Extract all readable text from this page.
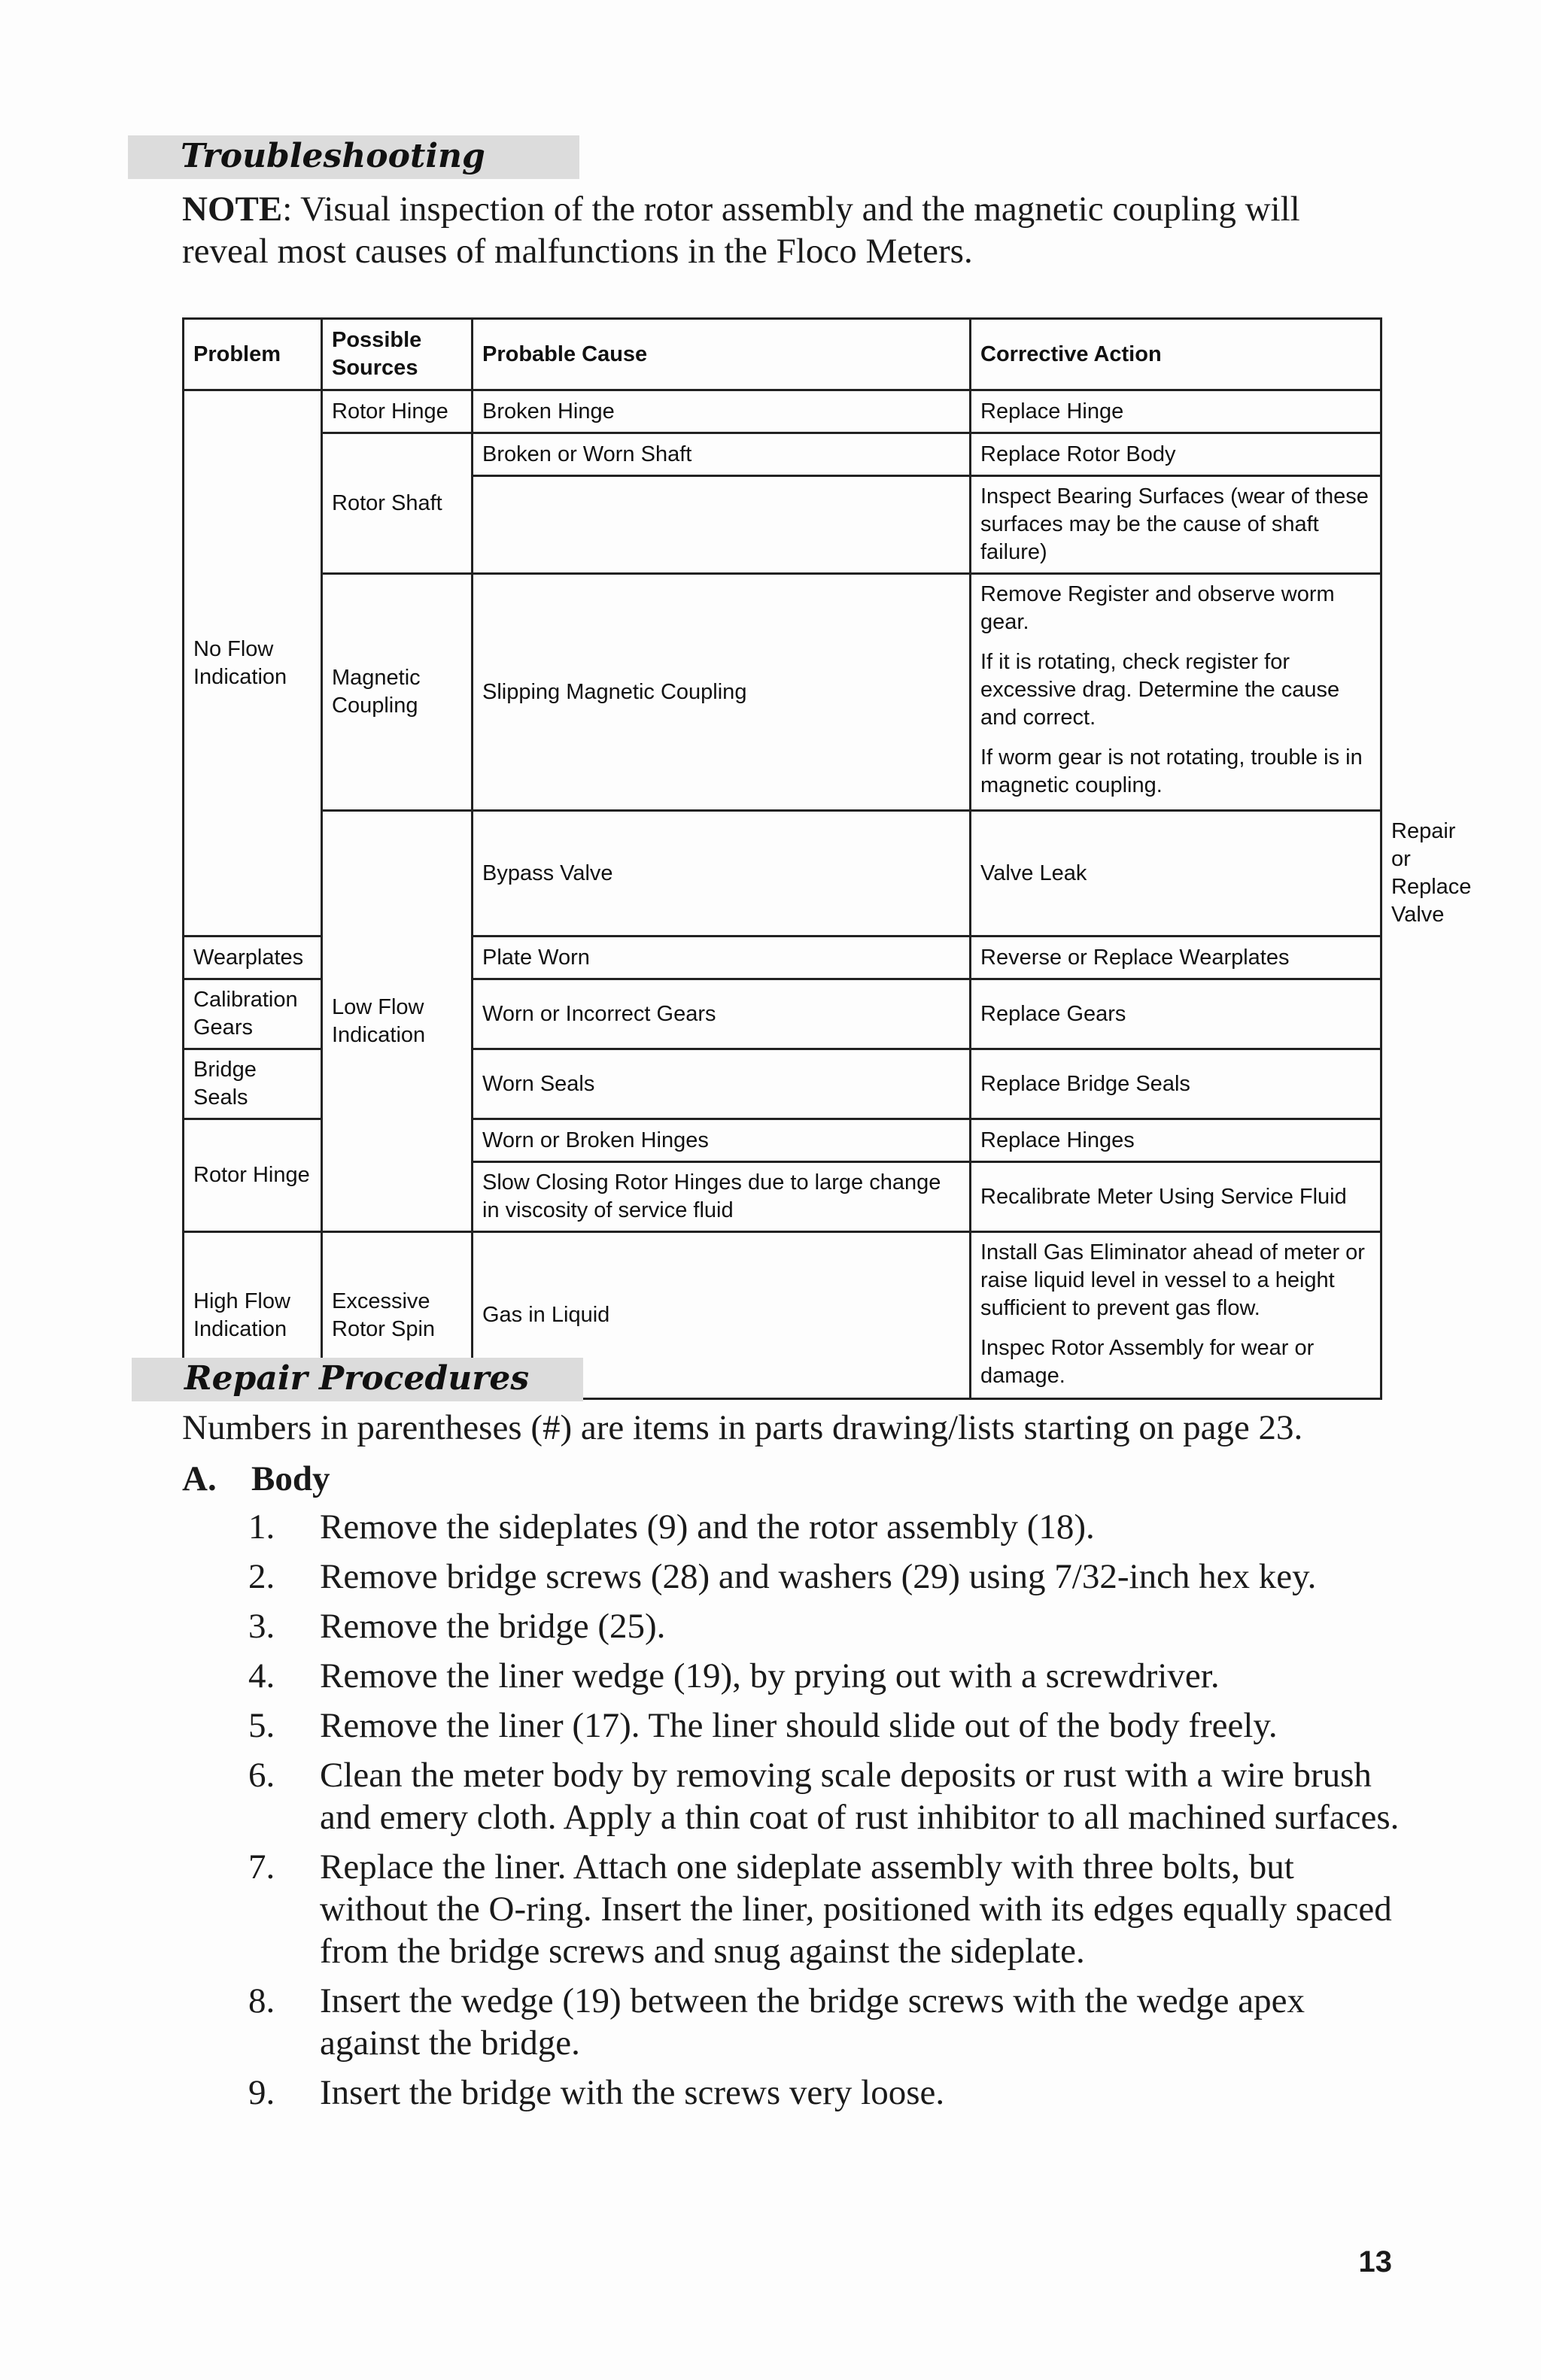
Troubleshooting
NOTE: Visual inspection of the rotor assembly and the magnetic coupling will reveal most causes of malfunctions in the Floco Meters.
Problem	Possible Sources	Probable Cause	Corrective Action	
No Flow Indication	Rotor Hinge	Broken Hinge	Replace Hinge	
	Rotor Shaft	Broken or Worn Shaft	Replace Rotor Body	
			Inspect Bearing Surfaces (wear of these surfaces may be the cause of shaft failure)	
	Magnetic Coupling	Slipping Magnetic Coupling	Remove Register and observe worm gear.

If it is rotating, check register for excessive drag. Determine the cause and correct.

If worm gear is not rotating, trouble is in magnetic coupling.	

	Low Flow Indication	Bypass Valve	Valve Leak	Repair or Replace Valve
Wearplates		Plate Worn	Reverse or Replace Wearplates	
Calibration Gears		Worn or Incorrect Gears	Replace Gears	
Bridge Seals		Worn Seals	Replace Bridge Seals	
Rotor Hinge		Worn or Broken Hinges	Replace Hinges	
		Slow Closing Rotor Hinges due to large change in viscosity of service fluid	Recalibrate Meter Using Service Fluid	
High Flow Indication	Excessive Rotor Spin	Gas in Liquid	Install Gas Eliminator ahead of meter or raise liquid level in vessel to a height sufficient to prevent gas flow.

Inspec Rotor Assembly for wear or damage.	

Repair Procedures
Numbers in parentheses (#) are items in parts drawing/lists starting on page 23.
A. Body
1.	Remove the sideplates (9) and the rotor assembly (18).
2.	Remove bridge screws (28) and washers (29) using 7/32-inch hex key.
3.	Remove the bridge (25).
4.	Remove the liner wedge (19), by prying out with a screwdriver.
5.	Remove the liner (17). The liner should slide out of the body freely.
6.	Clean the meter body by removing scale deposits or rust with a wire brush and emery cloth. Apply a thin coat of rust inhibitor to all machined surfaces.
7.	Replace the liner. Attach one sideplate assembly with three bolts, but without the O-ring. Insert the liner, positioned with its edges equally spaced from the bridge screws and snug against the sideplate.
8.	Insert the wedge (19) between the bridge screws with the wedge apex against the bridge.
9.	Insert the bridge with the screws very loose.
13
